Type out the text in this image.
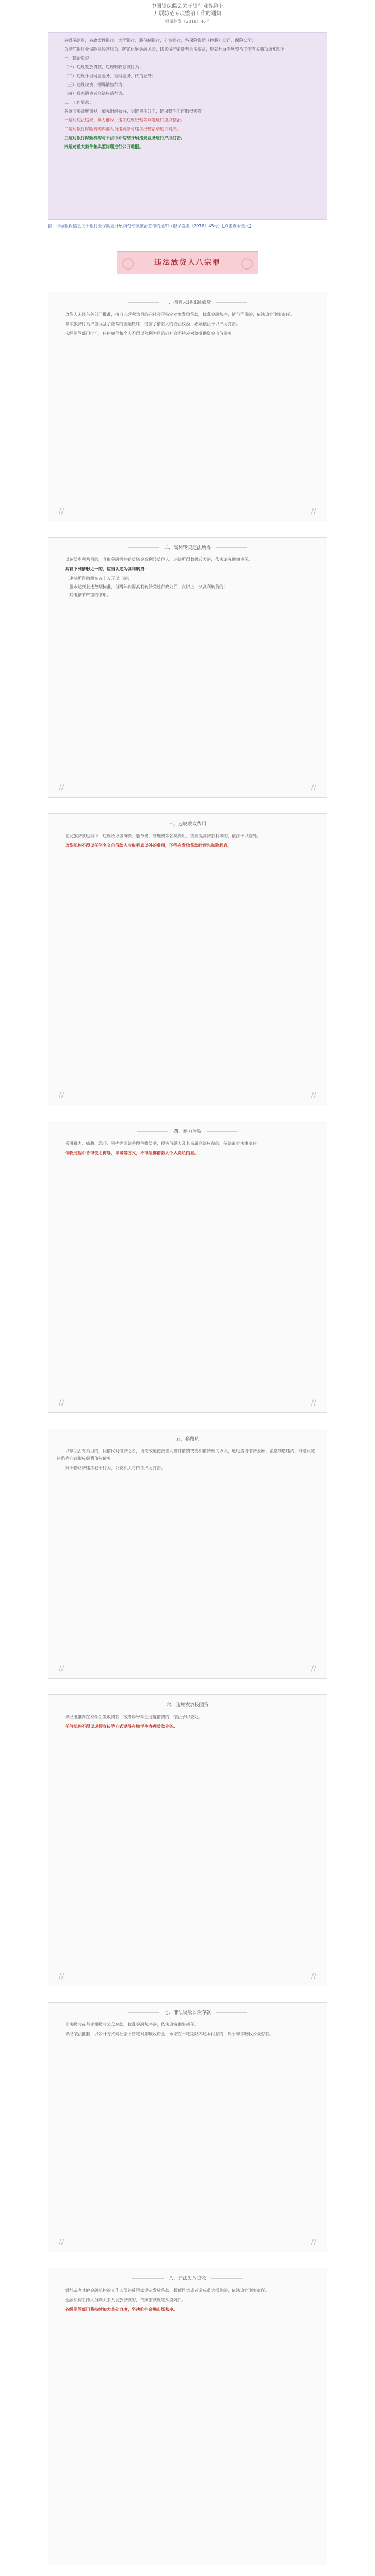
中国银保监会关于银行业保险业
开展防范专项整治工作的通知
银保监发〔2018〕45号

各银保监局，各政策性银行、大型银行、股份制银行，外资银行，各保险集团（控股）公司、保险公司：

为规范银行业保险业经营行为，防范化解金融风险，切实保护消费者合法权益，现就开展专项整治工作有关事项通知如下。

一、整治重点：

（一）违规发放贷款、违规吸收存款行为；

（二）违规开展同业业务、理财业务、代销业务；

（三）违规收费、捆绑销售行为；

（四）侵害消费者合法权益行为。

二、工作要求：

各单位要高度重视，加强组织领导，明确责任分工，确保整治工作取得实效。

一是对违法违规、暴力催收、违法违规经营等问题进行重点整治。

二是对银行保险机构内部人员违规参与违法经营活动进行问责。

三是对银行保险机构与不法中介勾结开展违规业务进行严厉打击。

四是对重大案件和典型问题进行公开通报。

摘：中国银保监会关于银行业保险业开展防范专项整治工作的通知（银保监发〔2018〕45号）【点击查看全文】
违法放贷人八宗罪
一、擅自未经批准放贷

放贷人未经有关部门批准，擅自以营利为目的向社会不特定对象发放贷款，扰乱金融秩序，情节严重的，依法追究刑事责任。

非法放贷行为严重扰乱了正常的金融秩序，侵害了借款人的合法权益，必须依法予以严厉打击。

未经监管部门批准，任何单位和个人不得以营利为目的向社会不特定对象提供资金出借业务。

//	//
二、高利转贷违法所得

以转贷牟利为目的，套取金融机构信贷资金高利转贷他人，违法所得数额较大的，依法追究刑事责任。

具有下列情形之一的，应当认定为高利转贷：

违法所得数额在五十万元以上的；

虽未达到上述数额标准，但两年内因高利转贷受过行政处罚二次以上，又高利转贷的；

其他情节严重的情形。

//	//
三、违规收取费用

在发放贷款过程中，违规收取咨询费、服务费、管理费等各类费用，变相提高贷款利率的，依法予以查处。

放贷机构不得以任何名义向借款人收取利息以外的费用，不得在发放贷款时预先扣除利息。

//	//
四、暴力催收

采用暴力、威胁、恐吓、骚扰等非法手段催收贷款，侵害借款人及其亲属合法权益的，依法追究法律责任。

催收过程中不得使用侮辱、诽谤等方式，不得泄露借款人个人隐私信息。

//	//
五、套路贷

以非法占有为目的，假借民间借贷之名，诱使或迫使被害人签订借贷或变相借贷相关协议，通过虚增借贷金额、恶意制造违约、肆意认定违约等方式形成虚假债权债务。

对于套路贷违法犯罪行为，公安机关将依法严厉打击。

//	//
六、违规发放校园贷

未经批准向在校学生发放贷款，或者诱导学生过度借贷的，依法予以查处。

任何机构不得以虚假宣传等方式诱导在校学生办理贷款业务。

//	//
七、非法吸收公众存款

非法吸收或者变相吸收公众存款，扰乱金融秩序的，依法追究刑事责任。

未经依法批准，以公开方式向社会不特定对象吸收资金，承诺在一定期限内还本付息的，属于非法吸收公众存款。

//	//
八、违法发放贷款

银行或者其他金融机构的工作人员违反国家规定发放贷款，数额巨大或者造成重大损失的，依法追究刑事责任。

金融机构工作人员向关系人发放贷款的，依照前款规定从重处罚。

各级监管部门将持续加大查处力度，坚决维护金融市场秩序。
